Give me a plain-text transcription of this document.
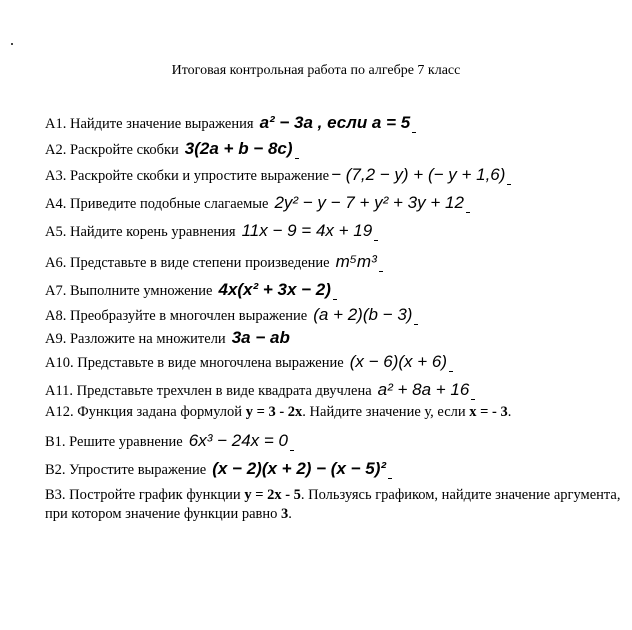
Итоговая контрольная работа по алгебре 7 класс
А1. Найдите значение выражения a² − 3a , если a = 5
А2. Раскройте скобки 3(2a + b − 8c)
А3. Раскройте скобки и упростите выражение − (7,2 − y) + (− y + 1,6)
А4. Приведите подобные слагаемые 2y² − y − 7 + y² + 3y + 12
А5. Найдите корень уравнения 11x − 9 = 4x + 19
А6. Представьте в виде степени произведение m⁵m³
А7. Выполните умножение 4x(x² + 3x − 2)
А8. Преобразуйте в многочлен выражение (a + 2)(b − 3)
А9. Разложите на множители 3a − ab
А10. Представьте в виде многочлена выражение (x − 6)(x + 6)
А11. Представьте трехчлен в виде квадрата двучлена a² + 8a + 16
А12. Функция задана формулой y = 3 - 2x. Найдите значение у, если x = - 3.
В1. Решите уравнение 6x³ − 24x = 0
В2. Упростите выражение (x − 2)(x + 2) − (x − 5)²
В3. Постройте график функции y = 2x - 5. Пользуясь графиком, найдите значение аргумента, при котором значение функции равно 3.
